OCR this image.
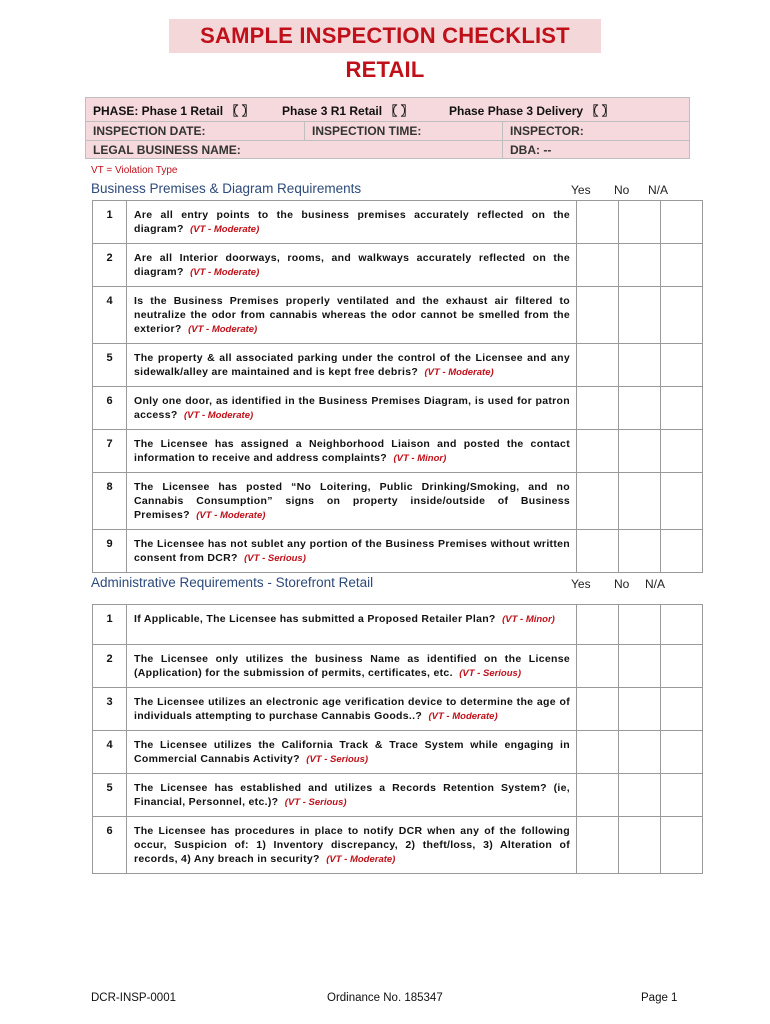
SAMPLE INSPECTION CHECKLIST RETAIL
PHASE: Phase 1 Retail 〖 〗 Phase 3 R1 Retail 〖 〗	Phase Phase 3 Delivery 〖 〗
INSPECTION DATE:	INSPECTION TIME:	INSPECTOR:
LEGAL BUSINESS NAME:	DBA: --
VT = Violation Type
Business Premises & Diagram Requirements	Yes No N/A
1	Are all entry points to the business premises accurately reflected on the diagram? (VT - Moderate)			
2	Are all Interior doorways, rooms, and walkways accurately reflected on the diagram? (VT - Moderate)			
4	Is the Business Premises properly ventilated and the exhaust air filtered to neutralize the odor from cannabis whereas the odor cannot be smelled from the exterior? (VT - Moderate)			
5	The property & all associated parking under the control of the Licensee and any sidewalk/alley are maintained and is kept free debris? (VT - Moderate)			
6	Only one door, as identified in the Business Premises Diagram, is used for patron access? (VT - Moderate)			
7	The Licensee has assigned a Neighborhood Liaison and posted the contact information to receive and address complaints? (VT - Minor)			
8	The Licensee has posted “No Loitering, Public Drinking/Smoking, and no Cannabis Consumption” signs on property inside/outside of Business Premises? (VT - Moderate)			
9	The Licensee has not sublet any portion of the Business Premises without written consent from DCR? (VT - Serious)			
Administrative Requirements - Storefront Retail	Yes No N/A
1	If Applicable, The Licensee has submitted a Proposed Retailer Plan? (VT - Minor)			
2	The Licensee only utilizes the business Name as identified on the License (Application) for the submission of permits, certificates, etc. (VT - Serious)			
3	The Licensee utilizes an electronic age verification device to determine the age of individuals attempting to purchase Cannabis Goods..? (VT - Moderate)			
4	The Licensee utilizes the California Track & Trace System while engaging in Commercial Cannabis Activity? (VT - Serious)			
5	The Licensee has established and utilizes a Records Retention System? (ie, Financial, Personnel, etc.)? (VT - Serious)			
6	The Licensee has procedures in place to notify DCR when any of the following occur, Suspicion of: 1) Inventory discrepancy, 2) theft/loss, 3) Alteration of records, 4) Any breach in security? (VT - Moderate)			
DCR-INSP-0001	Ordinance No. 185347	Page 1
